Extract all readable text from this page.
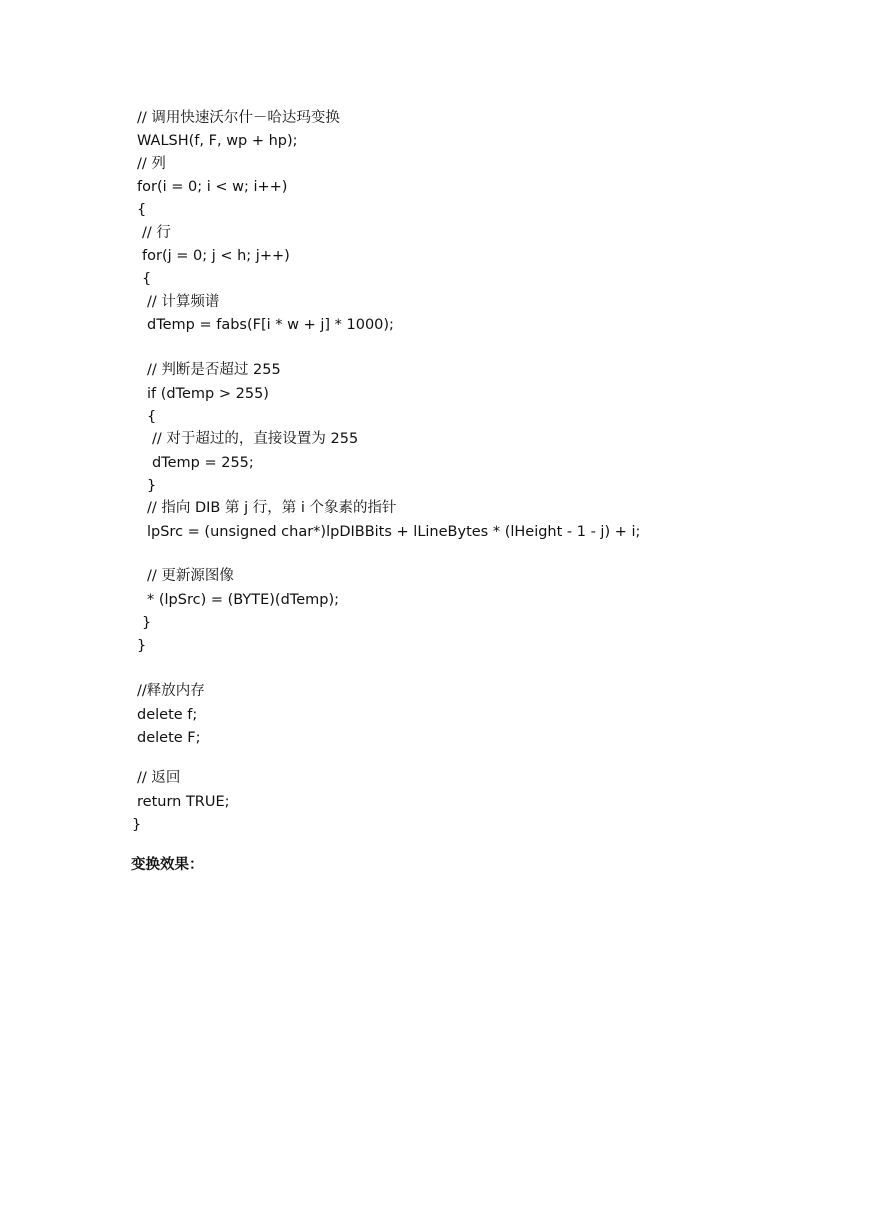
// 调用快速沃尔什－哈达玛变换
WALSH(f, F, wp + hp);
// 列
for(i = 0; i < w; i++)
{
// 行
for(j = 0; j < h; j++)
{
// 计算频谱
dTemp = fabs(F[i * w + j] * 1000);
// 判断是否超过 255
if (dTemp > 255)
{
// 对于超过的，直接设置为 255
dTemp = 255;
}
// 指向 DIB 第 j 行，第 i 个象素的指针
lpSrc = (unsigned char*)lpDIBBits + lLineBytes * (lHeight - 1 - j) + i;
// 更新源图像
* (lpSrc) = (BYTE)(dTemp);
}
}
//释放内存
delete f;
delete F;
// 返回
return TRUE;
}
变换效果：
